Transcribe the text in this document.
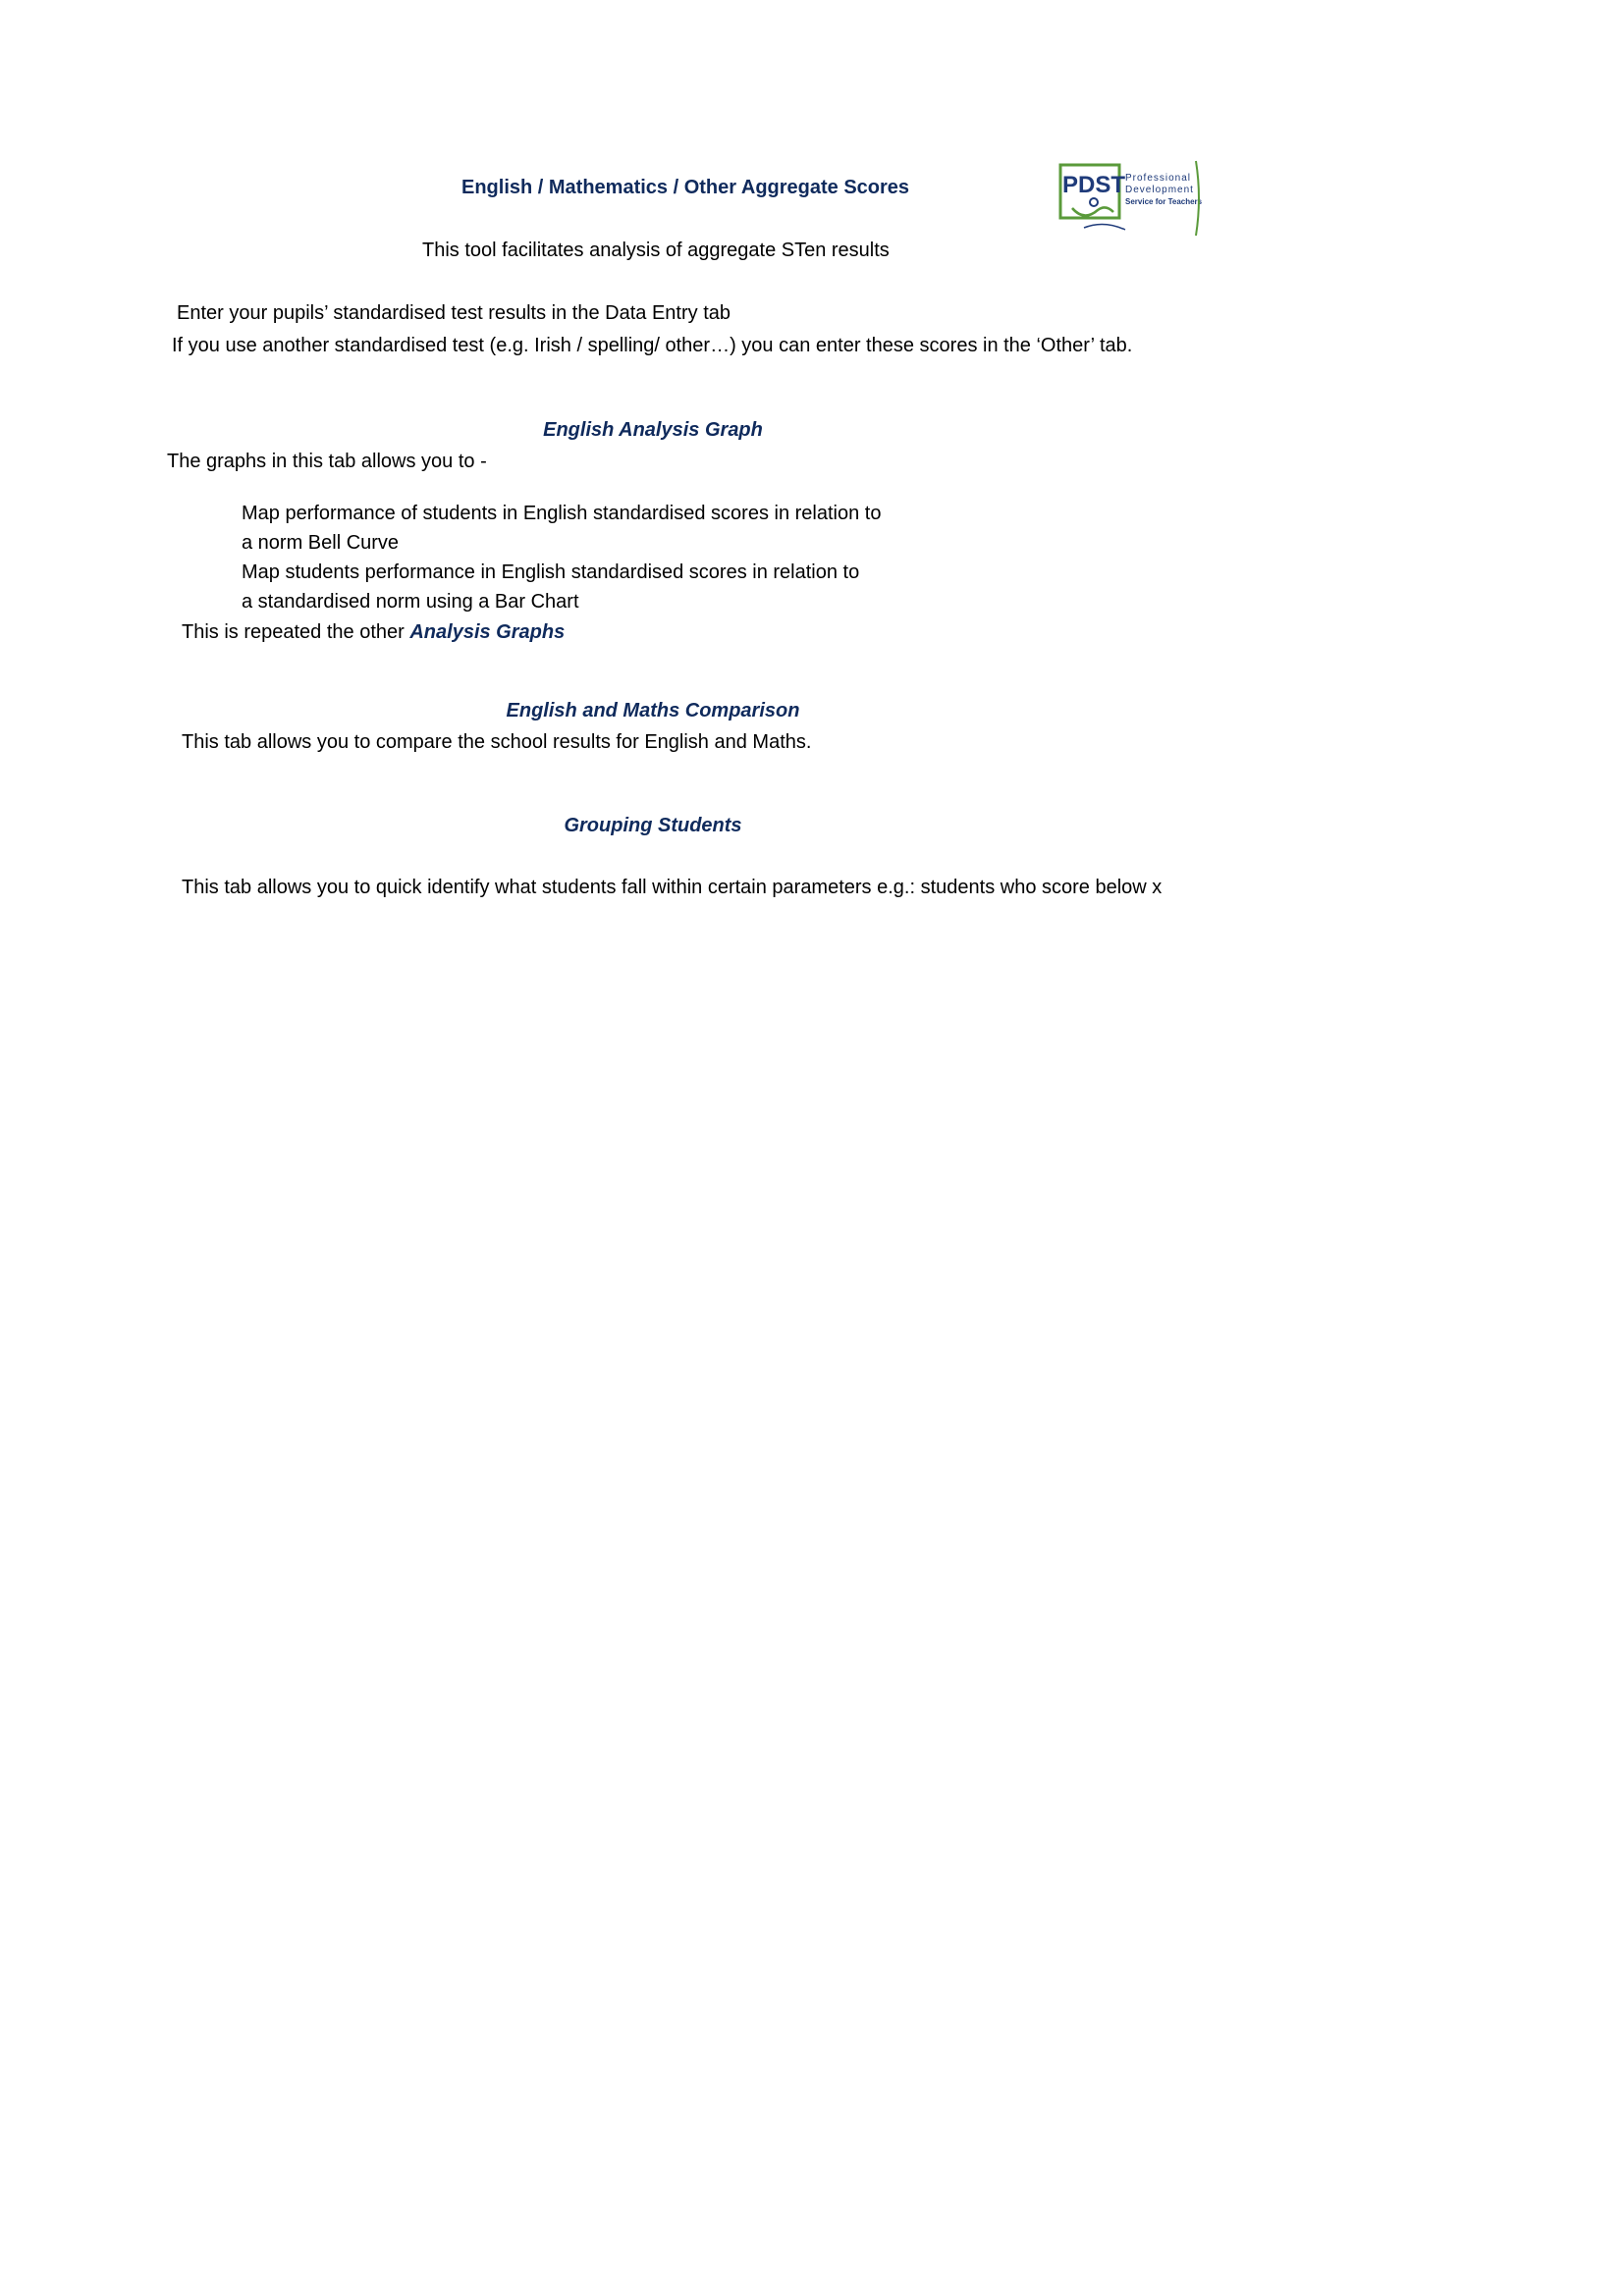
English / Mathematics / Other Aggregate Scores	PDST Professional
Development
Service for Teachers
This tool facilitates analysis of aggregate STen results
Enter your pupils’ standardised test results in the Data Entry tab
If you use another standardised test (e.g. Irish / spelling/ other…) you can enter these scores in the ‘Other’ tab.
English Analysis Graph
The graphs in this tab allows you to -
Map performance of students in English standardised scores in relation to
a norm Bell Curve
Map students performance in English standardised scores in relation to
a standardised norm using a Bar Chart
This is repeated the other Analysis Graphs
English and Maths Comparison
This tab allows you to compare the school results for English and Maths.
Grouping Students
This tab allows you to quick identify what students fall within certain parameters e.g.: students who score below x
